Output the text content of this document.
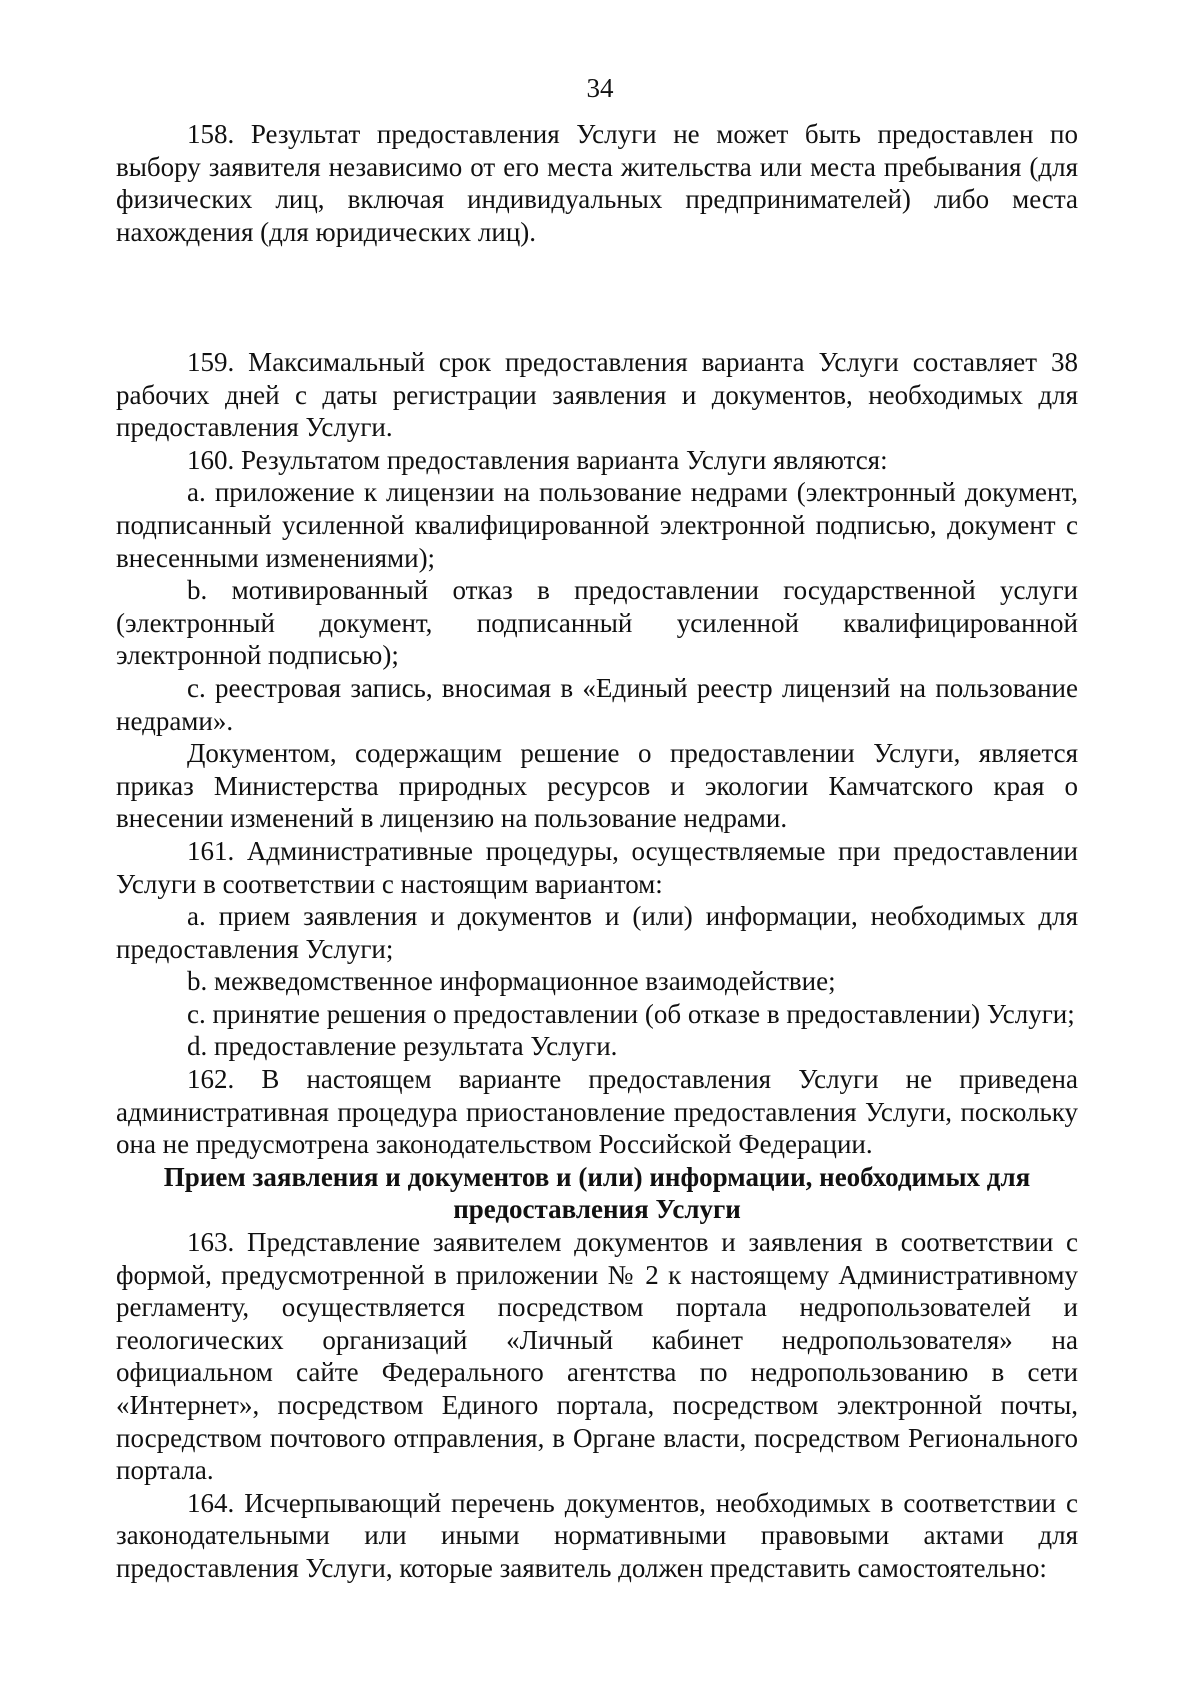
34

158. Результат предоставления Услуги не может быть предоставлен по выбору заявителя независимо от его места жительства или места пребывания (для физических лиц, включая индивидуальных предпринимателей) либо места нахождения (для юридических лиц).

159. Максимальный срок предоставления варианта Услуги составляет 38 рабочих дней с даты регистрации заявления и документов, необходимых для предоставления Услуги.

160. Результатом предоставления варианта Услуги являются:

a. приложение к лицензии на пользование недрами (электронный документ, подписанный усиленной квалифицированной электронной подписью, документ с внесенными изменениями);

b. мотивированный отказ в предоставлении государственной услуги (электронный документ, подписанный усиленной квалифицированной электронной подписью);

c. реестровая запись, вносимая в «Единый реестр лицензий на пользование недрами».

Документом, содержащим решение о предоставлении Услуги, является приказ Министерства природных ресурсов и экологии Камчатского края о внесении изменений в лицензию на пользование недрами.

161. Административные процедуры, осуществляемые при предоставлении Услуги в соответствии с настоящим вариантом:

a. прием заявления и документов и (или) информации, необходимых для предоставления Услуги;

b. межведомственное информационное взаимодействие;

c. принятие решения о предоставлении (об отказе в предоставлении) Услуги;

d. предоставление результата Услуги.

162. В настоящем варианте предоставления Услуги не приведена административная процедура приостановление предоставления Услуги, поскольку она не предусмотрена законодательством Российской Федерации.

Прием заявления и документов и (или) информации, необходимых для предоставления Услуги

163. Представление заявителем документов и заявления в соответствии с формой, предусмотренной в приложении № 2 к настоящему Административному регламенту, осуществляется посредством портала недропользователей и геологических организаций «Личный кабинет недропользователя» на официальном сайте Федерального агентства по недропользованию в сети «Интернет», посредством Единого портала, посредством электронной почты, посредством почтового отправления, в Органе власти, посредством Регионального портала.

164. Исчерпывающий перечень документов, необходимых в соответствии с законодательными или иными нормативными правовыми актами для предоставления Услуги, которые заявитель должен представить самостоятельно:
